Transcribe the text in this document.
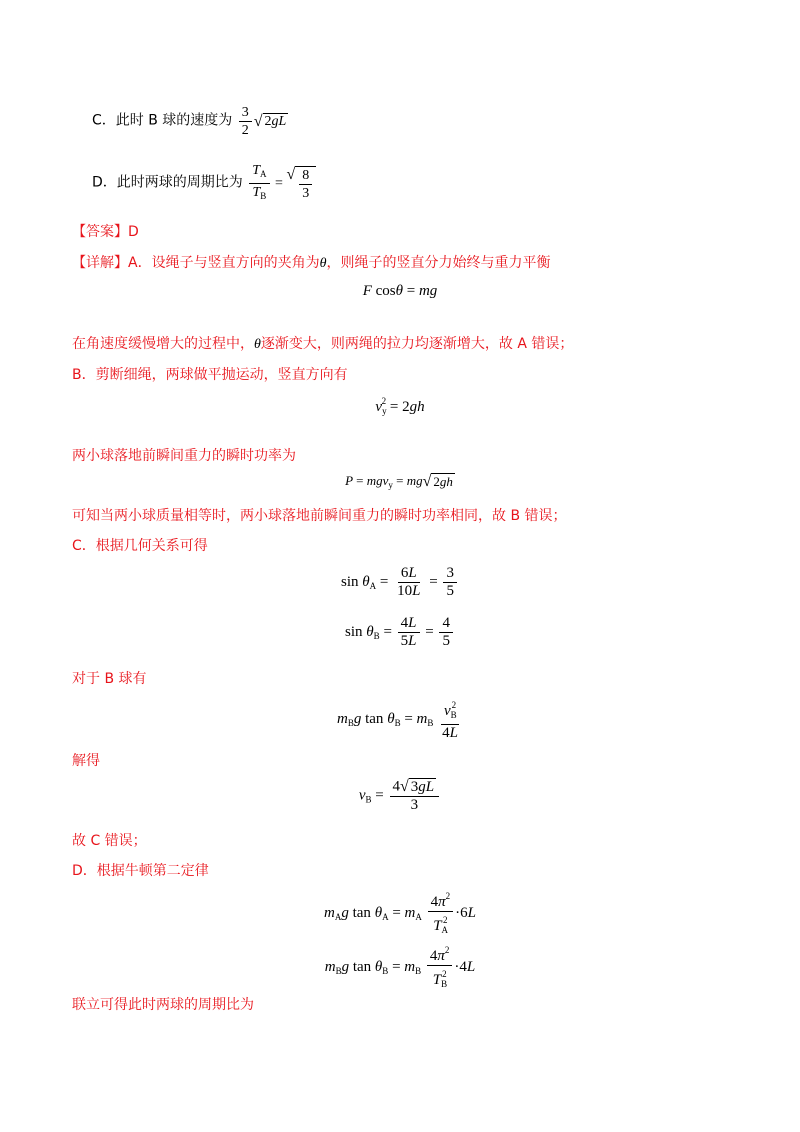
C．此时 B 球的速度为 $\frac{3}{2}$ √ 2gL
D．此时两球的周期比为 $\frac{T_A}{T_B}$ =
√ $\frac{8}{3}$
【答案】D
【详解】A．设绳子与竖直方向的夹角为θ，则绳子的竖直分力始终与重力平衡
F cosθ = mg
在角速度缓慢增大的过程中，θ逐渐变大，则两绳的拉力均逐渐增大，故 A 错误；
B．剪断细绳，两球做平抛运动，竖直方向有
$v_y^2 = 2gh$
两小球落地前瞬间重力的瞬时功率为
P = mgv$_y$ = mg √ 2gh
可知当两小球质量相等时，两小球落地前瞬间重力的瞬时功率相同，故 B 错误；
C．根据几何关系可得
$\sin \theta_A = \frac{6L}{10L} = \frac{3}{5}$
$\sin \theta_B = \frac{4L}{5L} = \frac{4}{5}$
对于 B 球有
$m_Bg$ $\tan \theta_B = m_B \frac{v_B^2}{4L}$
解得
$v_B = \frac{4 √ 3gL}{3}$
故 C 错误；
D．根据牛顿第二定律
$m_Ag$ $\tan \theta_A = m_A \frac{4\pi^2}{T_A^2} \cdot 6L$
$m_Bg$ $\tan \theta_B = m_B \frac{4\pi^2}{T_B^2} \cdot 4L$
联立可得此时两球的周期比为
